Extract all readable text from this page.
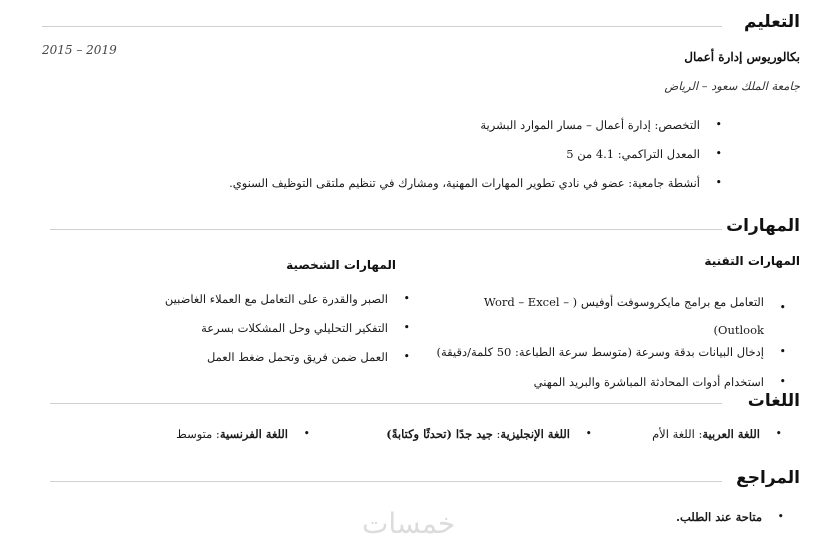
التعليم
2015 – 2019	بكالوريوس إدارة أعمال
جامعة الملك سعود – الرياض
•
التخصص: إدارة أعمال – مسار الموارد البشرية
•
المعدل التراكمي: 4.1 من 5
•
أنشطة جامعية: عضو في نادي تطوير المهارات المهنية، ومشارك في تنظيم ملتقى التوظيف السنوي.
المهارات
المهارات التقنية
•
التعامل مع برامج مايكروسوفت أوفيس ( Word – Excel – Outlook)
•
إدخال البيانات بدقة وسرعة (متوسط سرعة الطباعة: 50 كلمة/دقيقة)
•
استخدام أدوات المحادثة المباشرة والبريد المهني
المهارات الشخصية
•
الصبر والقدرة على التعامل مع العملاء الغاضبين
•
التفكير التحليلي وحل المشكلات بسرعة
•
العمل ضمن فريق وتحمل ضغط العمل
اللغات
•
اللغة العربية: اللغة الأم
•
اللغة الإنجليزية: جيد جدًا (تحدثًا وكتابةً)
•
اللغة الفرنسية: متوسط
المراجع
•
متاحة عند الطلب.
خمسات
